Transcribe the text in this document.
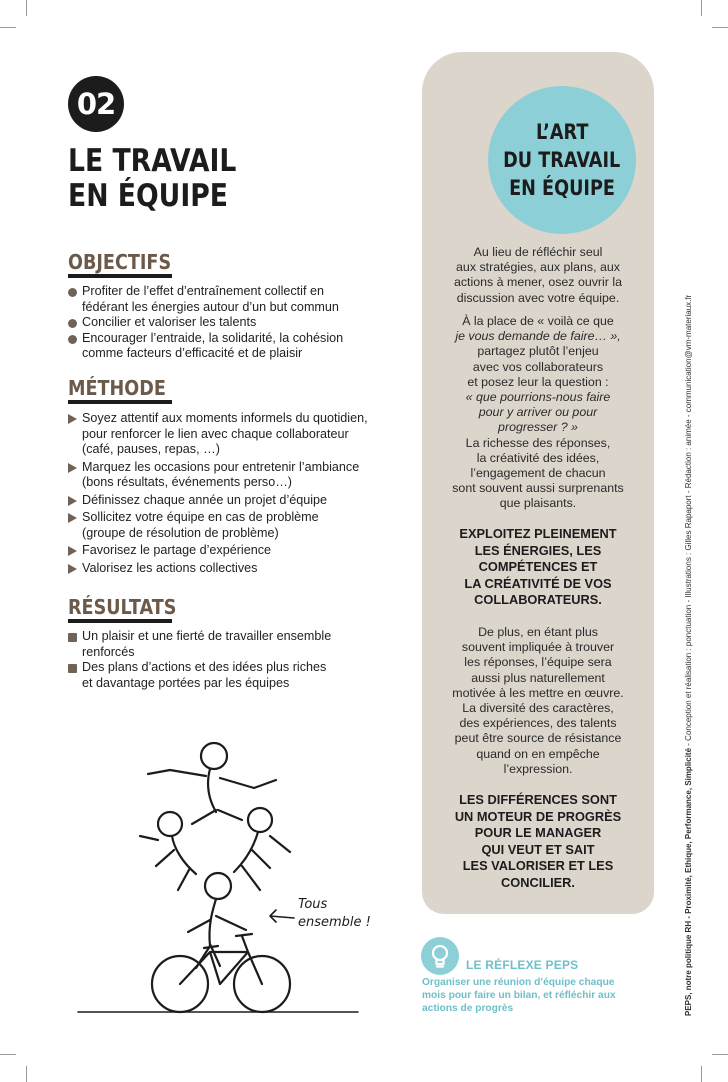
02
LE TRAVAIL
EN ÉQUIPE
OBJECTIFS
Profiter de l’effet d’entraînement collectif en
fédérant les énergies autour d’un but commun
Concilier et valoriser les talents
Encourager l’entraide, la solidarité, la cohésion
comme facteurs d’efficacité et de plaisir
MÉTHODE
Soyez attentif aux moments informels du quotidien,
pour renforcer le lien avec chaque collaborateur
(café, pauses, repas, …)
Marquez les occasions pour entretenir l’ambiance
(bons résultats, événements perso…)
Définissez chaque année un projet d’équipe
Sollicitez votre équipe en cas de problème
(groupe de résolution de problème)
Favorisez le partage d’expérience
Valorisez les actions collectives
RÉSULTATS
Un plaisir et une fierté de travailler ensemble
renforcés
Des plans d’actions et des idées plus riches
et davantage portées par les équipes
Tous
ensemble !
L’ART
DU TRAVAIL
EN ÉQUIPE

Au lieu de réfléchir seul
aux stratégies, aux plans, aux
actions à mener, osez ouvrir la
discussion avec votre équipe.

À la place de « voilà ce que
je vous demande de faire… »,
partagez plutôt l’enjeu
avec vos collaborateurs
et posez leur la question :
« que pourrions-nous faire
pour y arriver ou pour
progresser ? »
La richesse des réponses,
la créativité des idées,
l’engagement de chacun
sont souvent aussi surprenants
que plaisants.

EXPLOITEZ PLEINEMENT
LES ÉNERGIES, LES
COMPÉTENCES ET
LA CRÉATIVITÉ DE VOS
COLLABORATEURS.

De plus, en étant plus
souvent impliquée à trouver
les réponses, l’équipe sera
aussi plus naturellement
motivée à les mettre en œuvre.
La diversité des caractères,
des expériences, des talents
peut être source de résistance
quand on en empêche
l’expression.

LES DIFFÉRENCES SONT
UN MOTEUR DE PROGRÈS
POUR LE MANAGER
QUI VEUT ET SAIT
LES VALORISER ET LES
CONCILIER.

LE RÉFLEXE PEPS

Organiser une réunion d’équipe chaque
mois pour faire un bilan, et réfléchir aux
actions de progrès	PEPS, notre politique RH - Proximité, Ethique, Performance, Simplicité - Conception et réalisation : ponctuation - Illustrations : Gilles Rapaport - Rédaction : animée - communication@vm-materiaux.fr
